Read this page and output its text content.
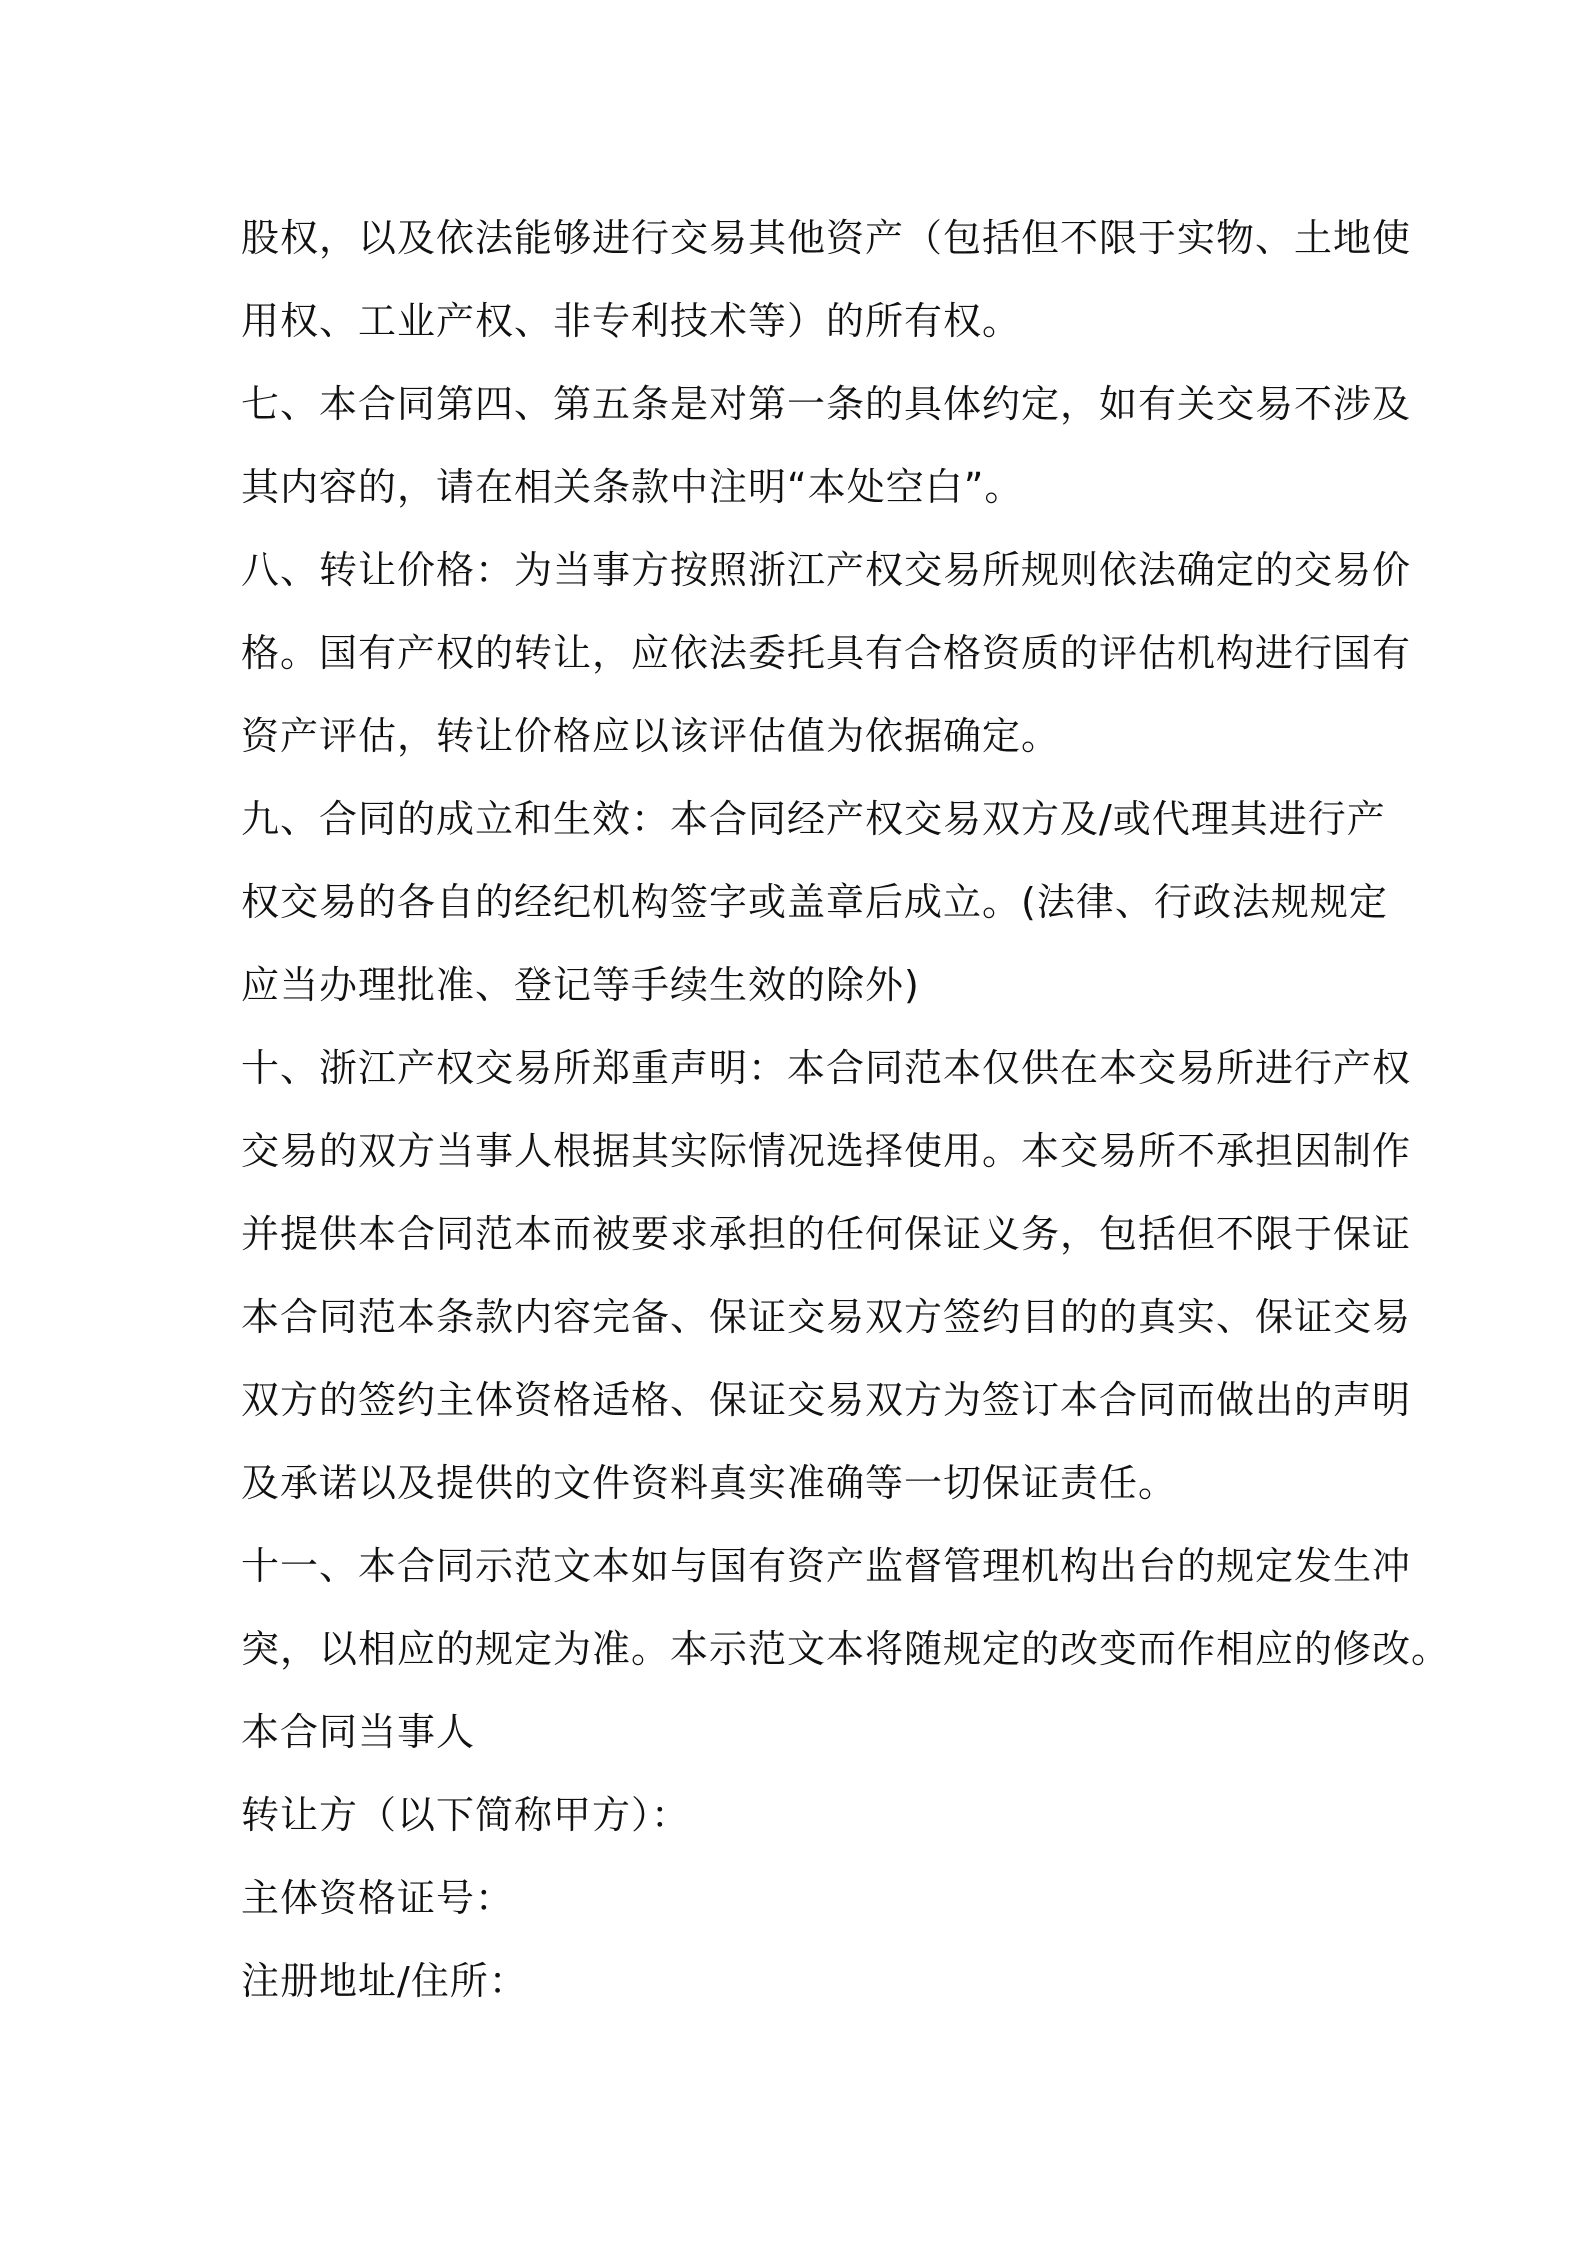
股权，以及依法能够进行交易其他资产（包括但不限于实物、土地使
用权、工业产权、非专利技术等）的所有权。

七、本合同第四、第五条是对第一条的具体约定，如有关交易不涉及
其内容的，请在相关条款中注明“本处空白”。

八、转让价格：为当事方按照浙江产权交易所规则依法确定的交易价
格。国有产权的转让，应依法委托具有合格资质的评估机构进行国有
资产评估，转让价格应以该评估值为依据确定。

九、合同的成立和生效：本合同经产权交易双方及/或代理其进行产
权交易的各自的经纪机构签字或盖章后成立。(法律、行政法规规定
应当办理批准、登记等手续生效的除外)

十、浙江产权交易所郑重声明：本合同范本仅供在本交易所进行产权
交易的双方当事人根据其实际情况选择使用。本交易所不承担因制作
并提供本合同范本而被要求承担的任何保证义务，包括但不限于保证
本合同范本条款内容完备、保证交易双方签约目的的真实、保证交易
双方的签约主体资格适格、保证交易双方为签订本合同而做出的声明
及承诺以及提供的文件资料真实准确等一切保证责任。

十一、本合同示范文本如与国有资产监督管理机构出台的规定发生冲
突，以相应的规定为准。本示范文本将随规定的改变而作相应的修改。

本合同当事人

转让方（以下简称甲方）：

主体资格证号：

注册地址/住所：
